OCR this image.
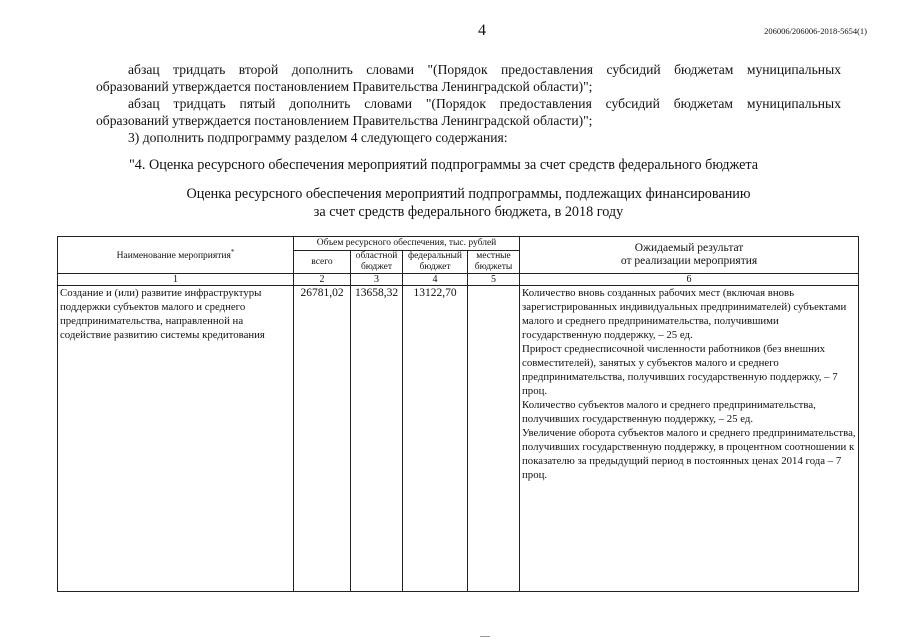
4	206006/206006-2018-5654(1)

абзац тридцать второй дополнить словами "(Порядок предоставления субсидий бюджетам муниципальных

образований утверждается постановлением Правительства Ленинградской области)";

абзац тридцать пятый дополнить словами "(Порядок предоставления субсидий бюджетам муниципальных

образований утверждается постановлением Правительства Ленинградской области)";

3) дополнить подпрограмму разделом 4 следующего содержания:

"4. Оценка ресурсного обеспечения мероприятий подпрограммы за счет средств федерального бюджета

Оценка ресурсного обеспечения мероприятий подпрограммы, подлежащих финансированию

за счет средств федерального бюджета, в 2018 году

Наименование мероприятия*	Объем ресурсного обеспечения, тыс. рублей				Ожидаемый результат
от реализации мероприятия

	всего	областной бюджет	федеральный бюджет	местные бюджеты	
1	2	3	4	5	6
Создание и (или) развитие инфраструктуры поддержки субъектов малого и среднего предпринимательства, направленной на содействие развитию системы кредитования	26781,02	13658,32	13122,70		Количество вновь созданных рабочих мест (включая вновь зарегистрированных индивидуальных предпринимателей) субъектами малого и среднего предпринимательства, получившими государственную поддержку, – 25 ед.

Прирост среднесписочной численности работников (без внешних совместителей), занятых у субъектов малого и среднего предпринимательства, получивших государственную поддержку, – 7 проц.

Количество субъектов малого и среднего предпринимательства, получивших государственную поддержку, – 25 ед.

Увеличение оборота субъектов малого и среднего предпринимательства, получивших государственную поддержку, в процентном соотношении к показателю за предыдущий период в постоянных ценах 2014 года – 7 проц.
